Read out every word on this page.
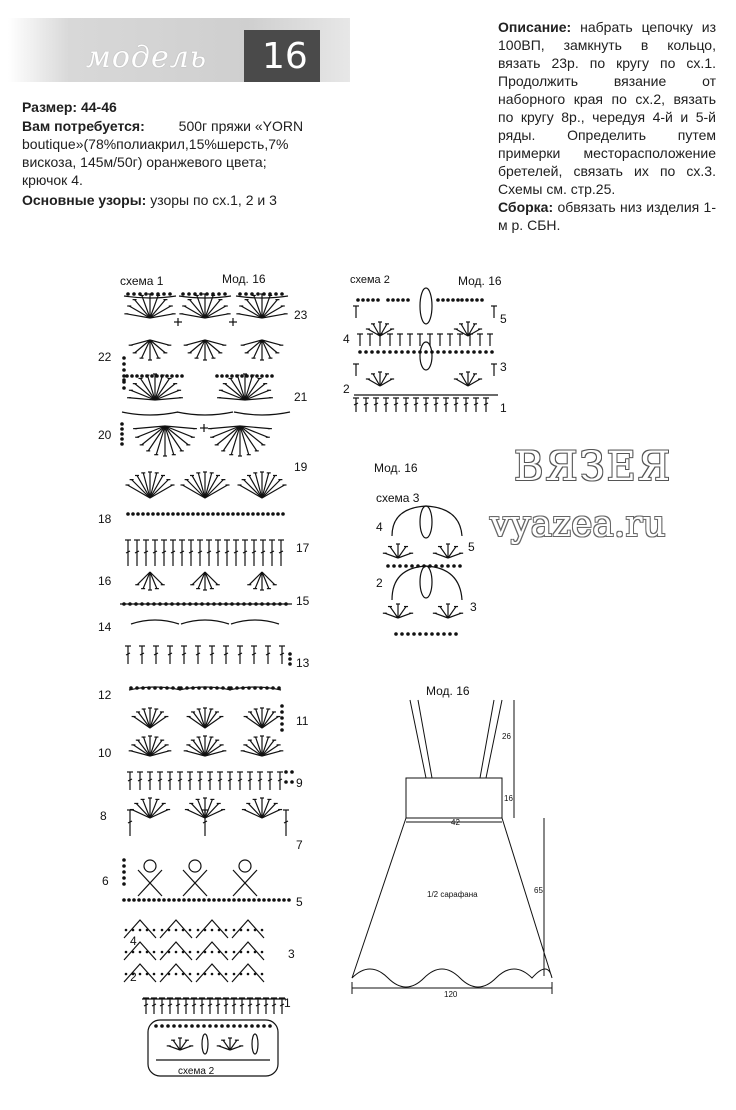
модель 16
Размер: 44-46
Вам потребуется: 500г пряжи «YORN
boutique»(78%полиакрил,15%шерсть,7%
вискоза, 145м/50г) оранжевого цвета;
крючок 4.
Основные узоры: узоры по сх.1, 2 и 3
Описание: набрать цепочку из 100ВП, замкнуть в кольцо, вязать 23р. по кругу по сх.1. Продолжить вязание от наборного края по сх.2, вязать по кругу 8р., чередуя 4-й и 5-й ряды. Определить путем примерки месторасположение бретелей, связать их по сх.3. Схемы см. стр.25.
Сборка: обвязать низ изделия 1-м р. СБН.
ВЯЗЕЯ
vyazea.ru
схема 1	Мод. 16
схема 2
22
20
18
16
14
12
10
8
6
4
2
23
21
19
17
15
13
11
9
7
5
3
1
схема 2	Мод. 16
4
2
5
3
1
Мод. 16
схема 3
4
2
5
3
Мод. 16
26
16
42
65
1/2 сарафана
120
